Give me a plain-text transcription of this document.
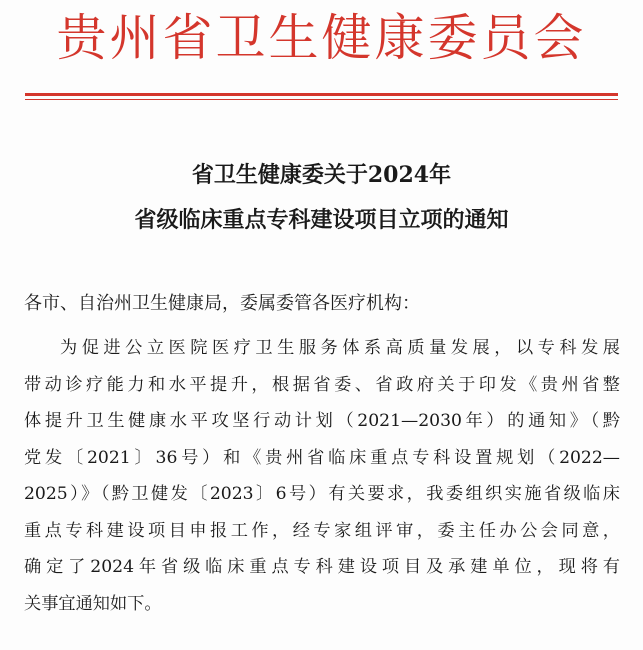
贵州省卫生健康委员会
省卫生健康委关于2024年
省级临床重点专科建设项目立项的通知
各市、自治州卫生健康局，委属委管各医疗机构：
为促进公立医院医疗卫生服务体系高质量发展，以专科发展
带动诊疗能力和水平提升，根据省委、省政府关于印发《贵州省整
体提升卫生健康水平攻坚行动计划（2021—2030年）的通知》（黔
党发〔2021〕36号）和《贵州省临床重点专科设置规划（2022—
2025）》（黔卫健发〔2023〕6号）有关要求，我委组织实施省级临床
重点专科建设项目申报工作，经专家组评审，委主任办公会同意，
确定了2024年省级临床重点专科建设项目及承建单位，现将有
关事宜通知如下。
